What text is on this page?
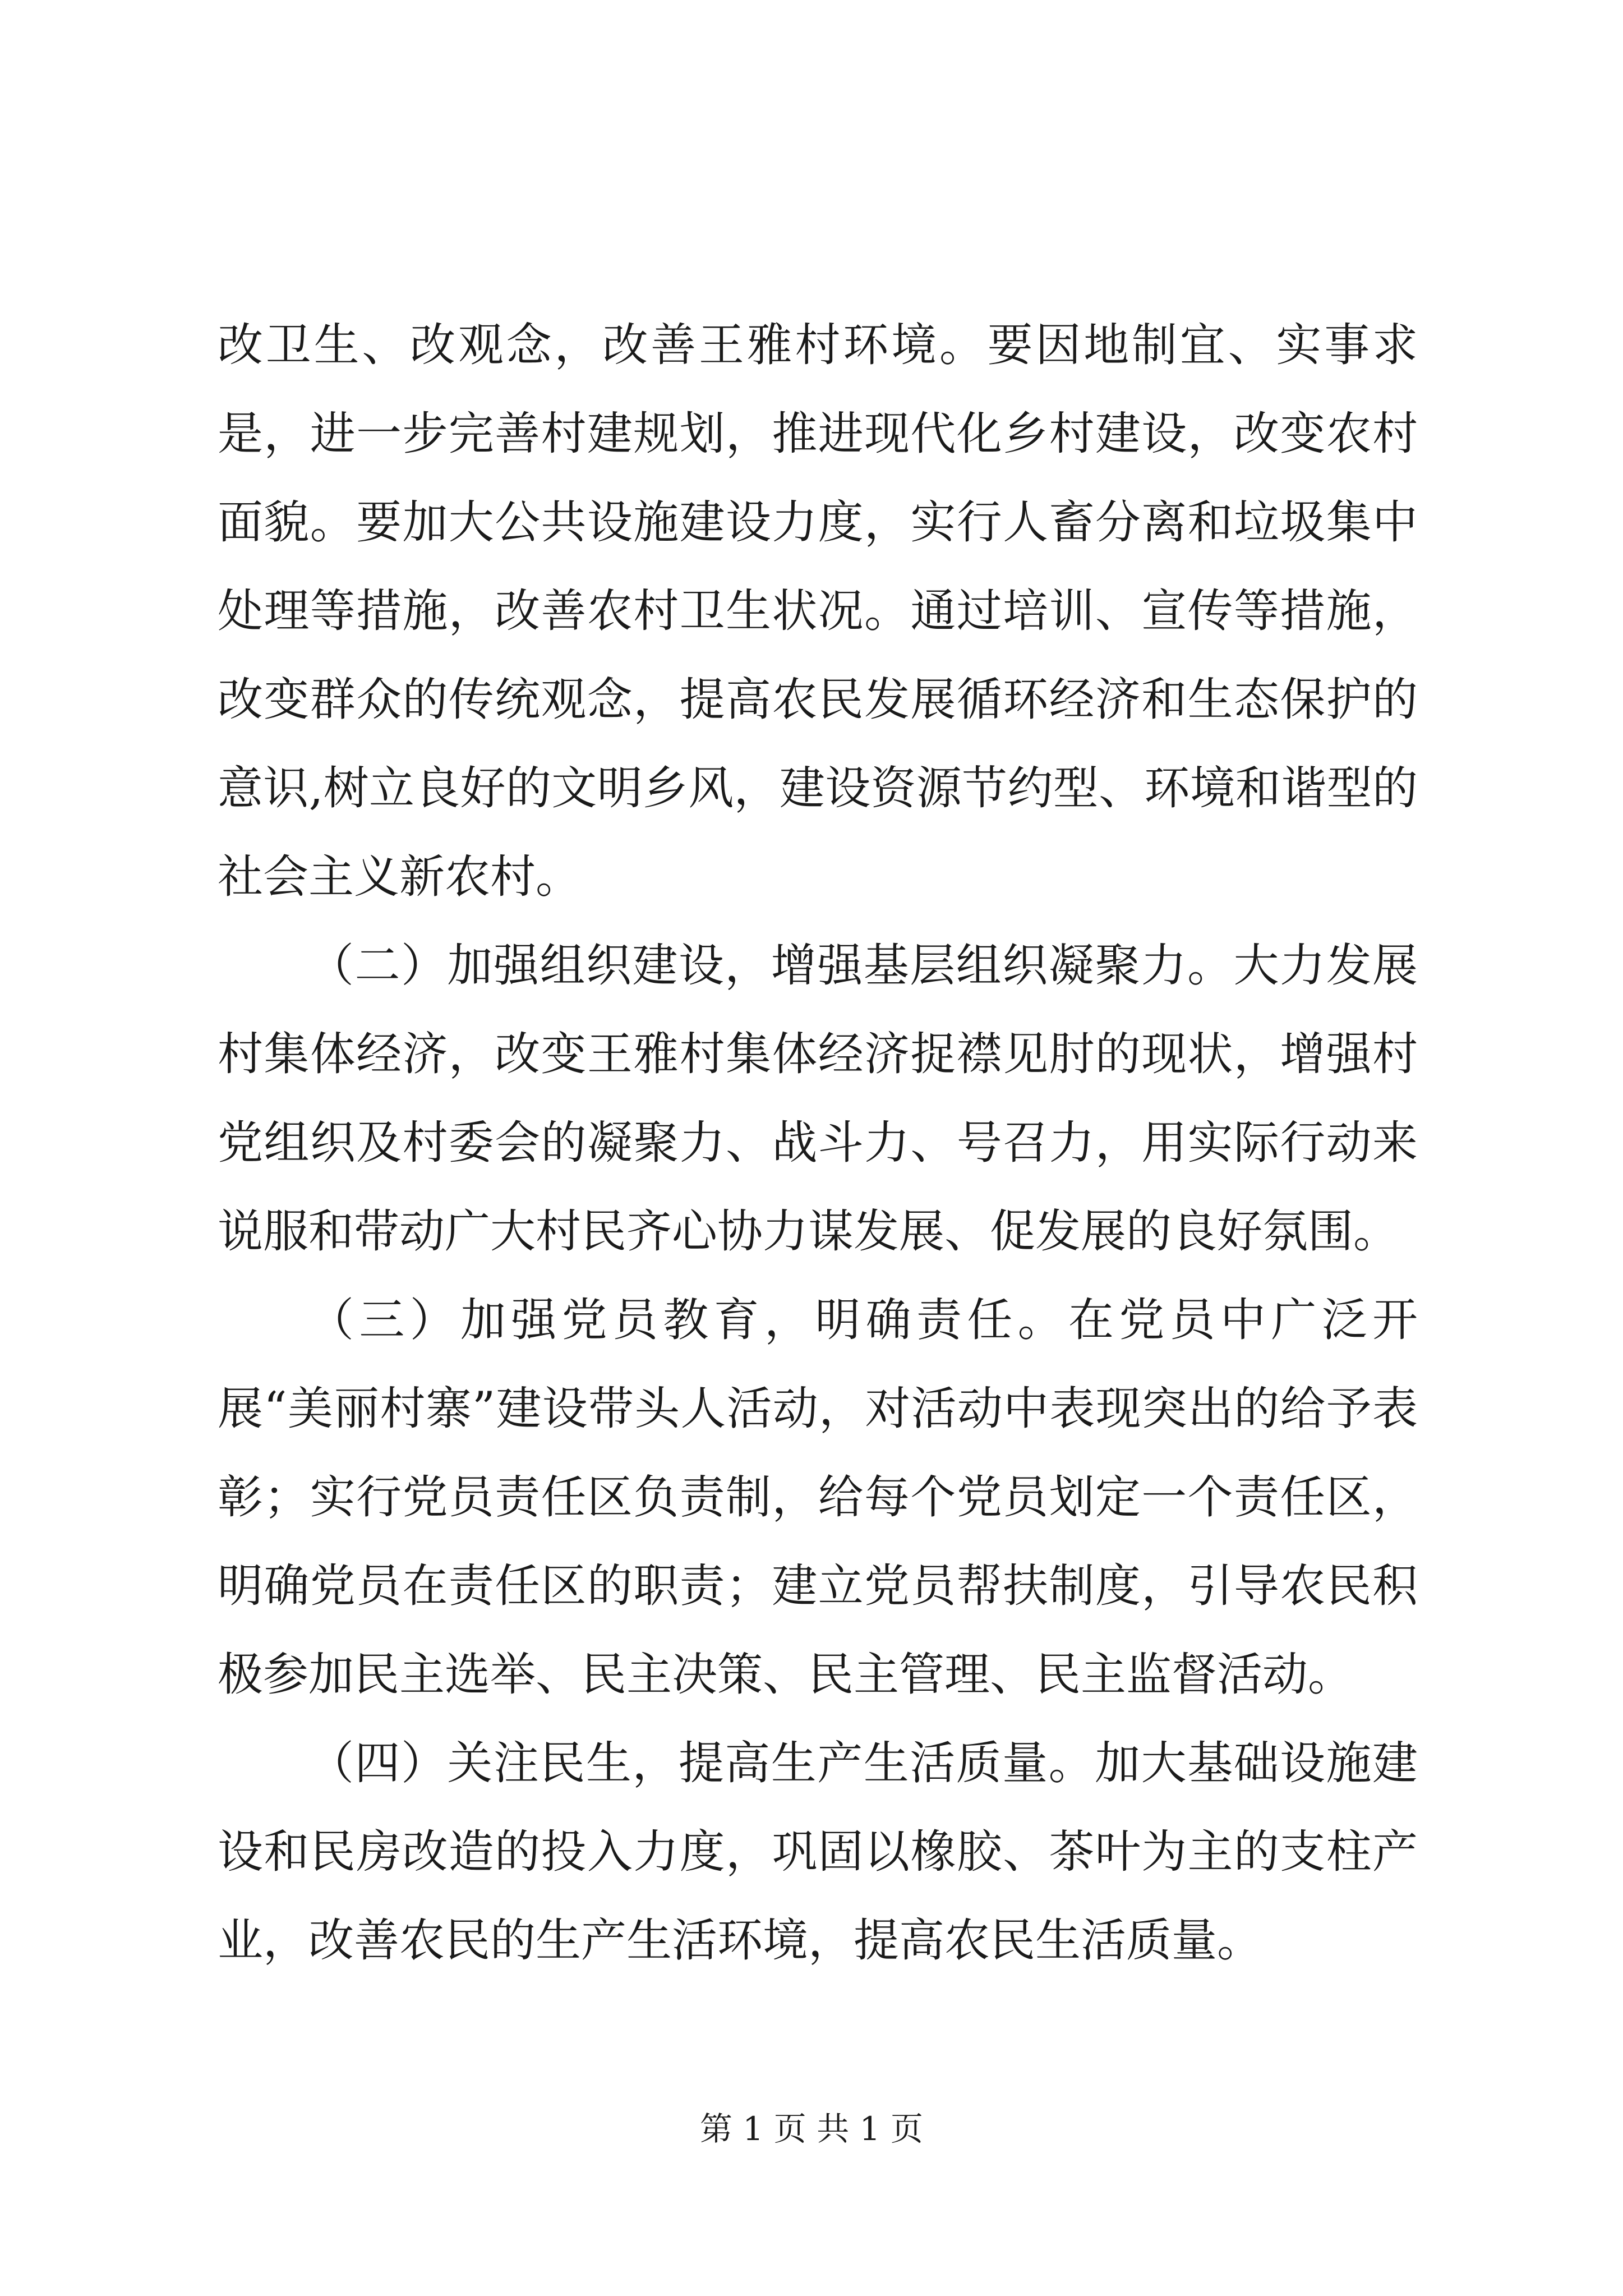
改卫生、改观念，改善王雅村环境。要因地制宜、实事求是，进一步完善村建规划，推进现代化乡村建设，改变农村面貌。要加大公共设施建设力度，实行人畜分离和垃圾集中处理等措施，改善农村卫生状况。通过培训、宣传等措施，改变群众的传统观念，提高农民发展循环经济和生态保护的意识,树立良好的文明乡风，建设资源节约型、环境和谐型的社会主义新农村。

（二）加强组织建设，增强基层组织凝聚力。大力发展村集体经济，改变王雅村集体经济捉襟见肘的现状，增强村党组织及村委会的凝聚力、战斗力、号召力，用实际行动来说服和带动广大村民齐心协力谋发展、促发展的良好氛围。

（三）加强党员教育，明确责任。在党员中广泛开展“美丽村寨”建设带头人活动，对活动中表现突出的给予表彰；实行党员责任区负责制，给每个党员划定一个责任区，明确党员在责任区的职责；建立党员帮扶制度，引导农民积极参加民主选举、民主决策、民主管理、民主监督活动。

（四）关注民生，提高生产生活质量。加大基础设施建设和民房改造的投入力度，巩固以橡胶、茶叶为主的支柱产业，改善农民的生产生活环境，提高农民生活质量。

第 1 页 共 1 页
